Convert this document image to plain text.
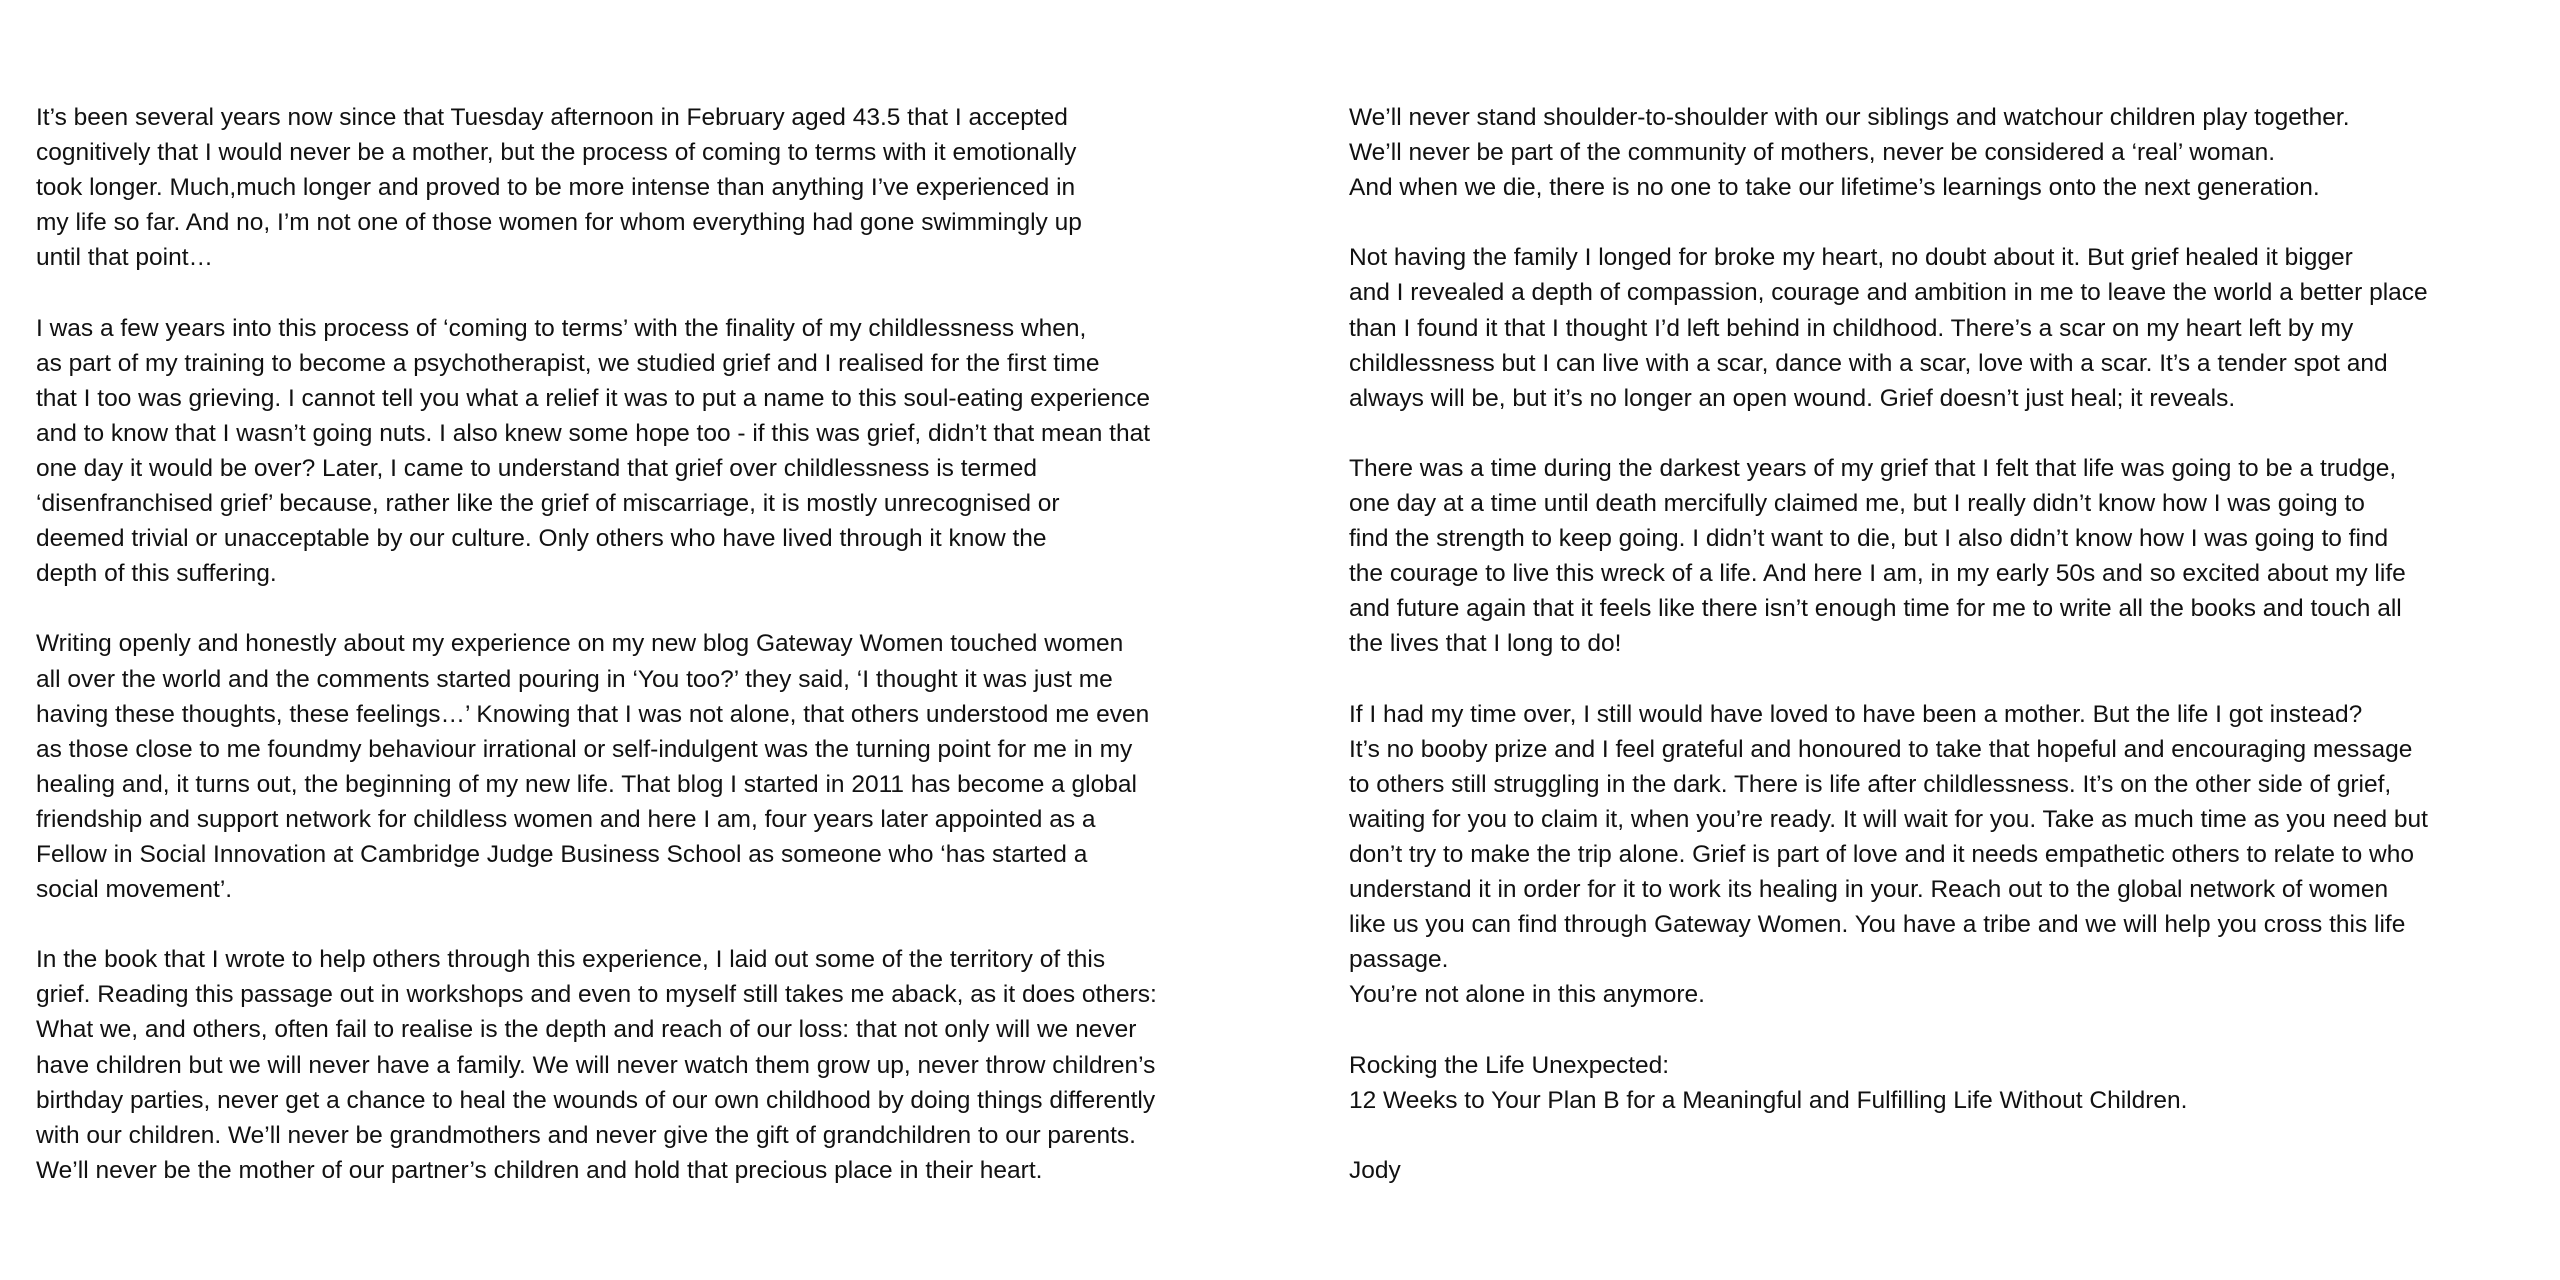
It’s been several years now since that Tuesday afternoon in February aged 43.5 that I accepted
cognitively that I would never be a mother, but the process of coming to terms with it emotionally
took longer. Much,much longer and proved to be more intense than anything I’ve experienced in
my life so far. And no, I’m not one of those women for whom everything had gone swimmingly up
until that point…
I was a few years into this process of ‘coming to terms’ with the finality of my childlessness when,
as part of my training to become a psychotherapist, we studied grief and I realised for the first time
that I too was grieving. I cannot tell you what a relief it was to put a name to this soul-eating experience
and to know that I wasn’t going nuts. I also knew some hope too - if this was grief, didn’t that mean that
one day it would be over? Later, I came to understand that grief over childlessness is termed
‘disenfranchised grief’ because, rather like the grief of miscarriage, it is mostly unrecognised or
deemed trivial or unacceptable by our culture. Only others who have lived through it know the
depth of this suffering.
Writing openly and honestly about my experience on my new blog Gateway Women touched women
all over the world and the comments started pouring in ‘You too?’ they said, ‘I thought it was just me
having these thoughts, these feelings…’ Knowing that I was not alone, that others understood me even
as those close to me foundmy behaviour irrational or self-indulgent was the turning point for me in my
healing and, it turns out, the beginning of my new life. That blog I started in 2011 has become a global
friendship and support network for childless women and here I am, four years later appointed as a
Fellow in Social Innovation at Cambridge Judge Business School as someone who ‘has started a
social movement’.
In the book that I wrote to help others through this experience, I laid out some of the territory of this
grief. Reading this passage out in workshops and even to myself still takes me aback, as it does others:
What we, and others, often fail to realise is the depth and reach of our loss: that not only will we never
have children but we will never have a family. We will never watch them grow up, never throw children’s
birthday parties, never get a chance to heal the wounds of our own childhood by doing things differently
with our children. We’ll never be grandmothers and never give the gift of grandchildren to our parents.
We’ll never be the mother of our partner’s children and hold that precious place in their heart.
We’ll never stand shoulder-to-shoulder with our siblings and watchour children play together.
We’ll never be part of the community of mothers, never be considered a ‘real’ woman.
And when we die, there is no one to take our lifetime’s learnings onto the next generation.
Not having the family I longed for broke my heart, no doubt about it. But grief healed it bigger
and I revealed a depth of compassion, courage and ambition in me to leave the world a better place
than I found it that I thought I’d left behind in childhood. There’s a scar on my heart left by my
childlessness but I can live with a scar, dance with a scar, love with a scar. It’s a tender spot and
always will be, but it’s no longer an open wound. Grief doesn’t just heal; it reveals.
There was a time during the darkest years of my grief that I felt that life was going to be a trudge,
one day at a time until death mercifully claimed me, but I really didn’t know how I was going to
find the strength to keep going. I didn’t want to die, but I also didn’t know how I was going to find
the courage to live this wreck of a life. And here I am, in my early 50s and so excited about my life
and future again that it feels like there isn’t enough time for me to write all the books and touch all
the lives that I long to do!
If I had my time over, I still would have loved to have been a mother. But the life I got instead?
It’s no booby prize and I feel grateful and honoured to take that hopeful and encouraging message
to others still struggling in the dark. There is life after childlessness. It’s on the other side of grief,
waiting for you to claim it, when you’re ready. It will wait for you. Take as much time as you need but
don’t try to make the trip alone. Grief is part of love and it needs empathetic others to relate to who
understand it in order for it to work its healing in your. Reach out to the global network of women
like us you can find through Gateway Women. You have a tribe and we will help you cross this life
passage.
You’re not alone in this anymore.
Rocking the Life Unexpected:
12 Weeks to Your Plan B for a Meaningful and Fulfilling Life Without Children.
Jody
